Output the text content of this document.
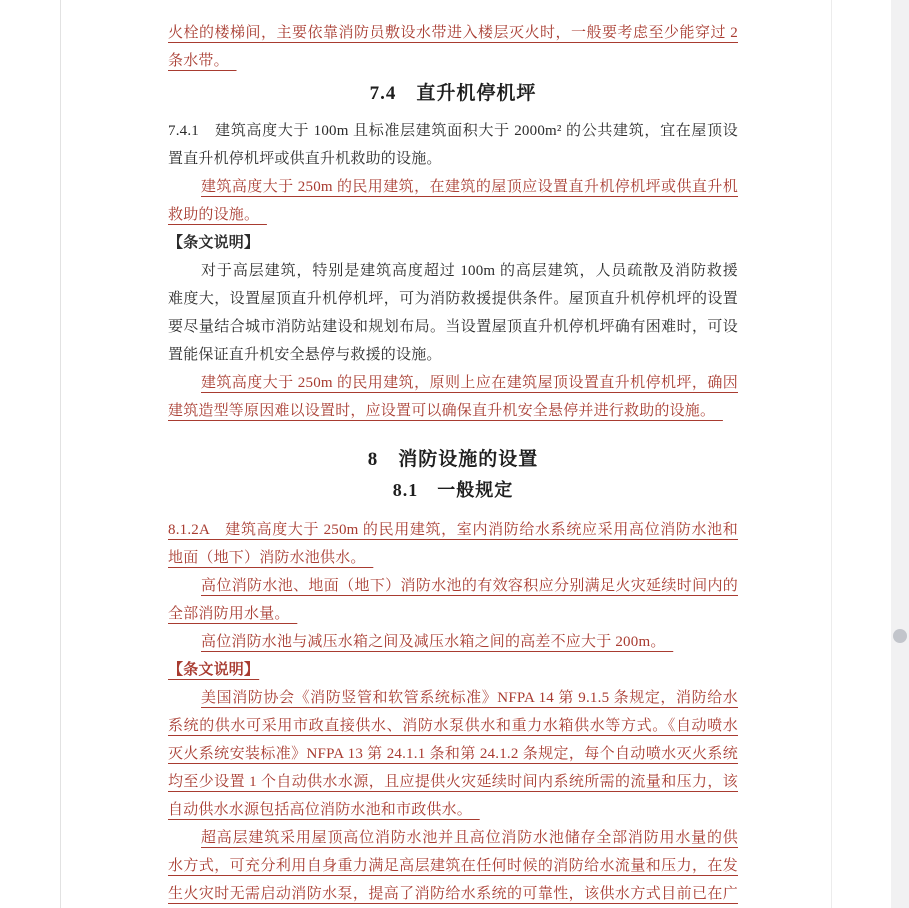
火栓的楼梯间，主要依靠消防员敷设水带进入楼层灭火时，一般要考虑至少能穿过 2
条水带。　
7.4　直升机停机坪
7.4.1　建筑高度大于 100m 且标准层建筑面积大于 2000m² 的公共建筑，宜在屋顶设
置直升机停机坪或供直升机救助的设施。
建筑高度大于 250m 的民用建筑，在建筑的屋顶应设置直升机停机坪或供直升机
救助的设施。　
【条文说明】
对于高层建筑，特别是建筑高度超过 100m 的高层建筑，人员疏散及消防救援
难度大，设置屋顶直升机停机坪，可为消防救援提供条件。屋顶直升机停机坪的设置
要尽量结合城市消防站建设和规划布局。当设置屋顶直升机停机坪确有困难时，可设
置能保证直升机安全悬停与救援的设施。
建筑高度大于 250m 的民用建筑，原则上应在建筑屋顶设置直升机停机坪，确因
建筑造型等原因难以设置时，应设置可以确保直升机安全悬停并进行救助的设施。　
8　消防设施的设置
8.1　一般规定
8.1.2A　建筑高度大于 250m 的民用建筑，室内消防给水系统应采用高位消防水池和
地面（地下）消防水池供水。　
高位消防水池、地面（地下）消防水池的有效容积应分别满足火灾延续时间内的
全部消防用水量。　
高位消防水池与减压水箱之间及减压水箱之间的高差不应大于 200m。　
【条文说明】
美国消防协会《消防竖管和软管系统标准》NFPA 14 第 9.1.5 条规定，消防给水
系统的供水可采用市政直接供水、消防水泵供水和重力水箱供水等方式。《自动喷水
灭火系统安装标准》NFPA 13 第 24.1.1 条和第 24.1.2 条规定，每个自动喷水灭火系统
均至少设置 1 个自动供水水源，且应提供火灾延续时间内系统所需的流量和压力，该
自动供水水源包括高位消防水池和市政供水。　
超高层建筑采用屋顶高位消防水池并且高位消防水池储存全部消防用水量的供
水方式，可充分利用自身重力满足高层建筑在任何时候的消防给水流量和压力，在发
生火灾时无需启动消防水泵，提高了消防给水系统的可靠性，该供水方式目前已在广
